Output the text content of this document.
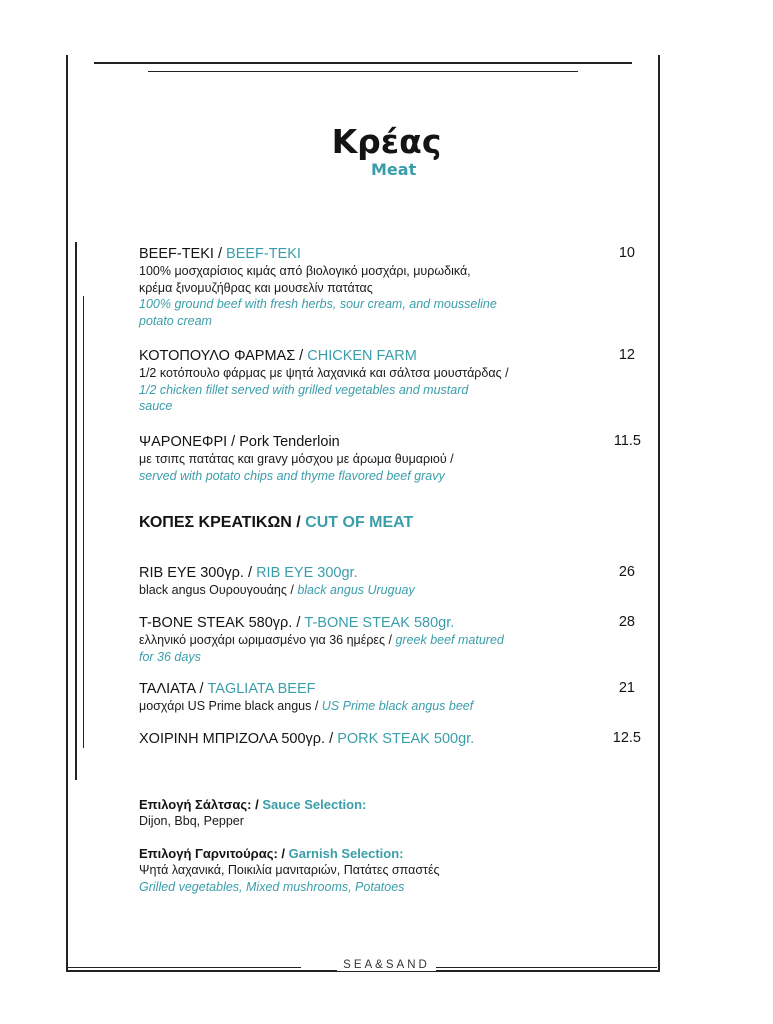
Κρέας
Meat
BEEF-TEKI / BEEF-TEKI
100% μοσχαρίσιος κιμάς από βιολογικό μοσχάρι, μυρωδικά,
κρέμα ξινομυζήθρας και μουσελίν πατάτας
100% ground beef with fresh herbs, sour cream, and mousseline
potato cream
10
ΚΟΤΟΠΟΥΛΟ ΦΑΡΜΑΣ / CHICKEN FARM
1/2 κοτόπουλο φάρμας με ψητά λαχανικά και σάλτσα μουστάρδας /
1/2 chicken fillet served with grilled vegetables and mustard
sauce
12
ΨΑΡΟΝΕΦΡΙ / Pork Tenderloin
με τσιπς πατάτας και gravy μόσχου με άρωμα θυμαριού /
served with potato chips and thyme flavored beef gravy
11.5
ΚΟΠΕΣ ΚΡΕΑΤΙΚΩΝ / CUT OF MEAT
RIB EYE 300γρ. / RIB EYE 300gr.
black angus Ουρουγουάης / black angus Uruguay
26
T-BONE STEAK 580γρ. / T-BONE STEAK 580gr.
ελληνικό μοσχάρι ωριμασμένο για 36 ημέρες / greek beef matured
for 36 days
28
ΤΑΛΙΑΤΑ / TAGLIATA BEEF
μοσχάρι US Prime black angus / US Prime black angus beef
21
ΧΟΙΡΙΝΗ ΜΠΡΙΖΟΛΑ 500γρ. / PORK STEAK 500gr.	12.5
Επιλογή Σάλτσας: / Sauce Selection:
Dijon, Bbq, Pepper
Επιλογή Γαρνιτούρας: / Garnish Selection:
Ψητά λαχανικά, Ποικιλία μανιταριών, Πατάτες σπαστές
Grilled vegetables, Mixed mushrooms, Potatoes
SEA&SAND
